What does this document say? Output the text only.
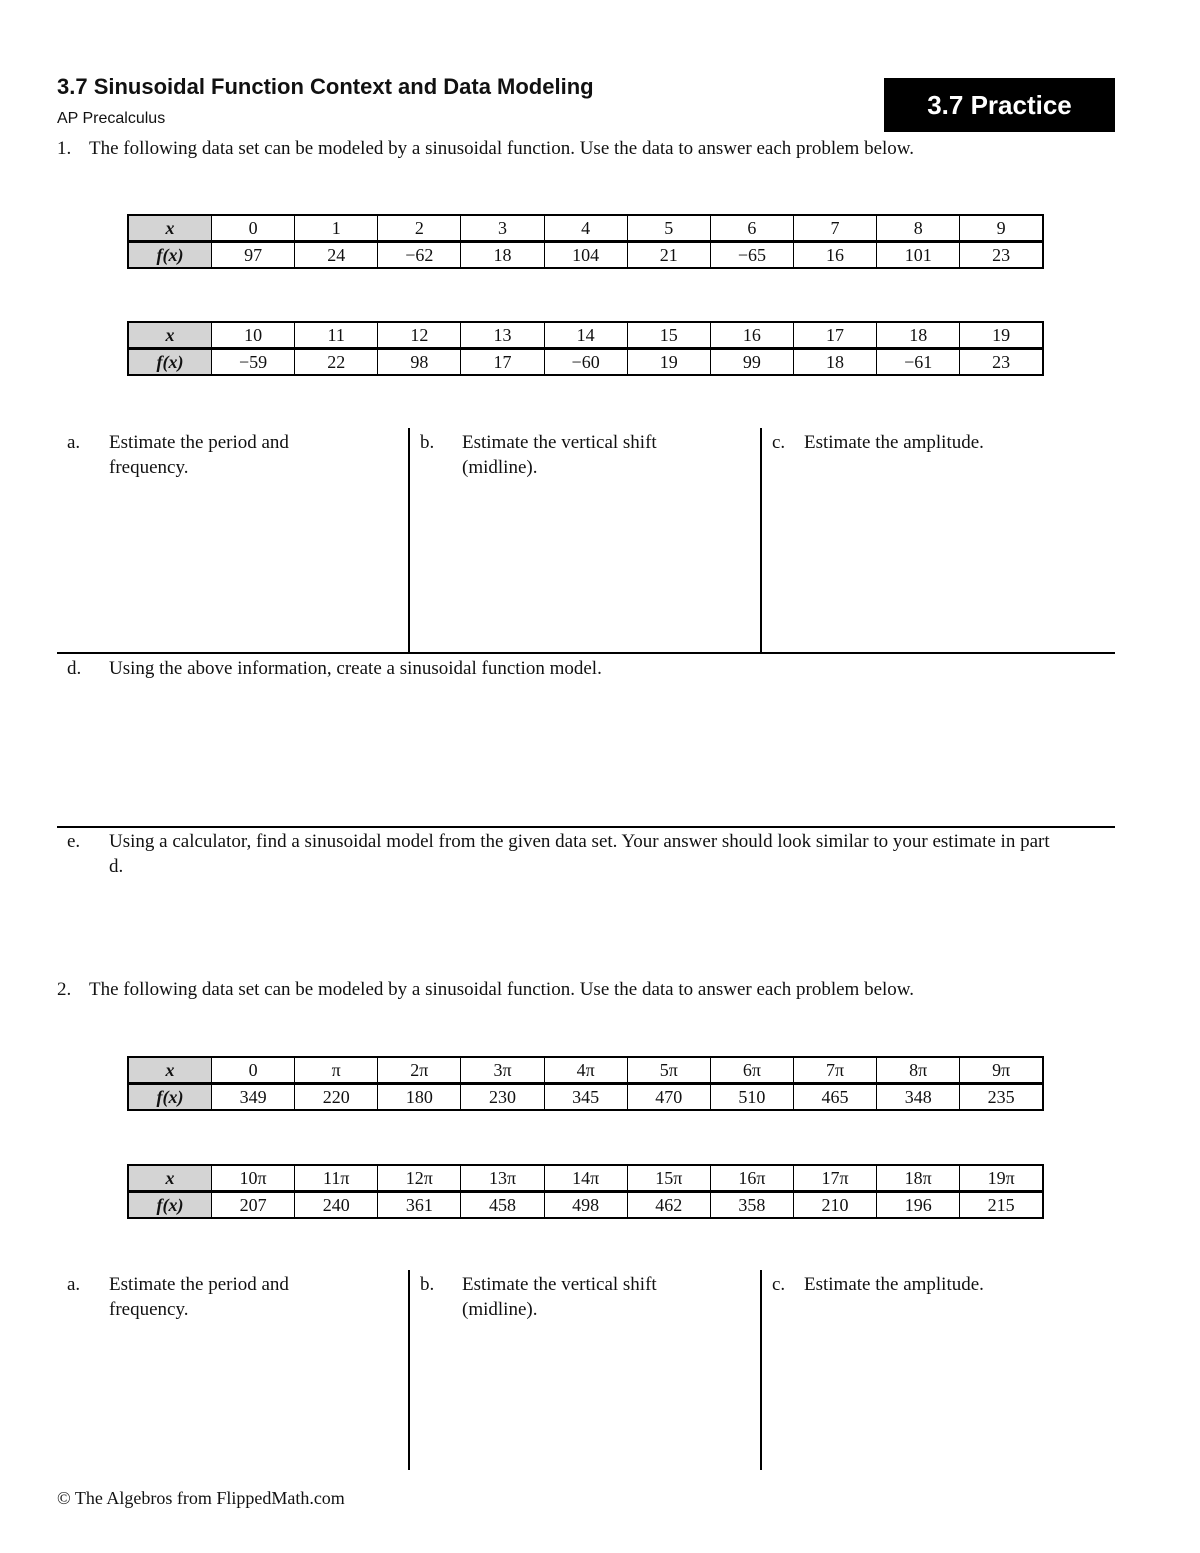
3.7 Sinusoidal Function Context and Data Modeling
AP Precalculus	3.7 Practice
1. The following data set can be modeled by a sinusoidal function. Use the data to answer each problem below.
x	0	1	2	3	4	5	6	7	8	9
f(x)	97	24	−62	18	104	21	−65	16	101	23
x	10	11	12	13	14	15	16	17	18	19
f(x)	−59	22	98	17	−60	19	99	18	−61	23
a. Estimate the period and frequency.
b. Estimate the vertical shift (midline).
c. Estimate the amplitude.
d. Using the above information, create a sinusoidal function model.
e. Using a calculator, find a sinusoidal model from the given data set. Your answer should look similar to your estimate in part d.
2. The following data set can be modeled by a sinusoidal function. Use the data to answer each problem below.
x	0	π	2π	3π	4π	5π	6π	7π	8π	9π
f(x)	349	220	180	230	345	470	510	465	348	235
x	10π	11π	12π	13π	14π	15π	16π	17π	18π	19π
f(x)	207	240	361	458	498	462	358	210	196	215
a. Estimate the period and frequency.
b. Estimate the vertical shift (midline).
c. Estimate the amplitude.
© The Algebros from FlippedMath.com
